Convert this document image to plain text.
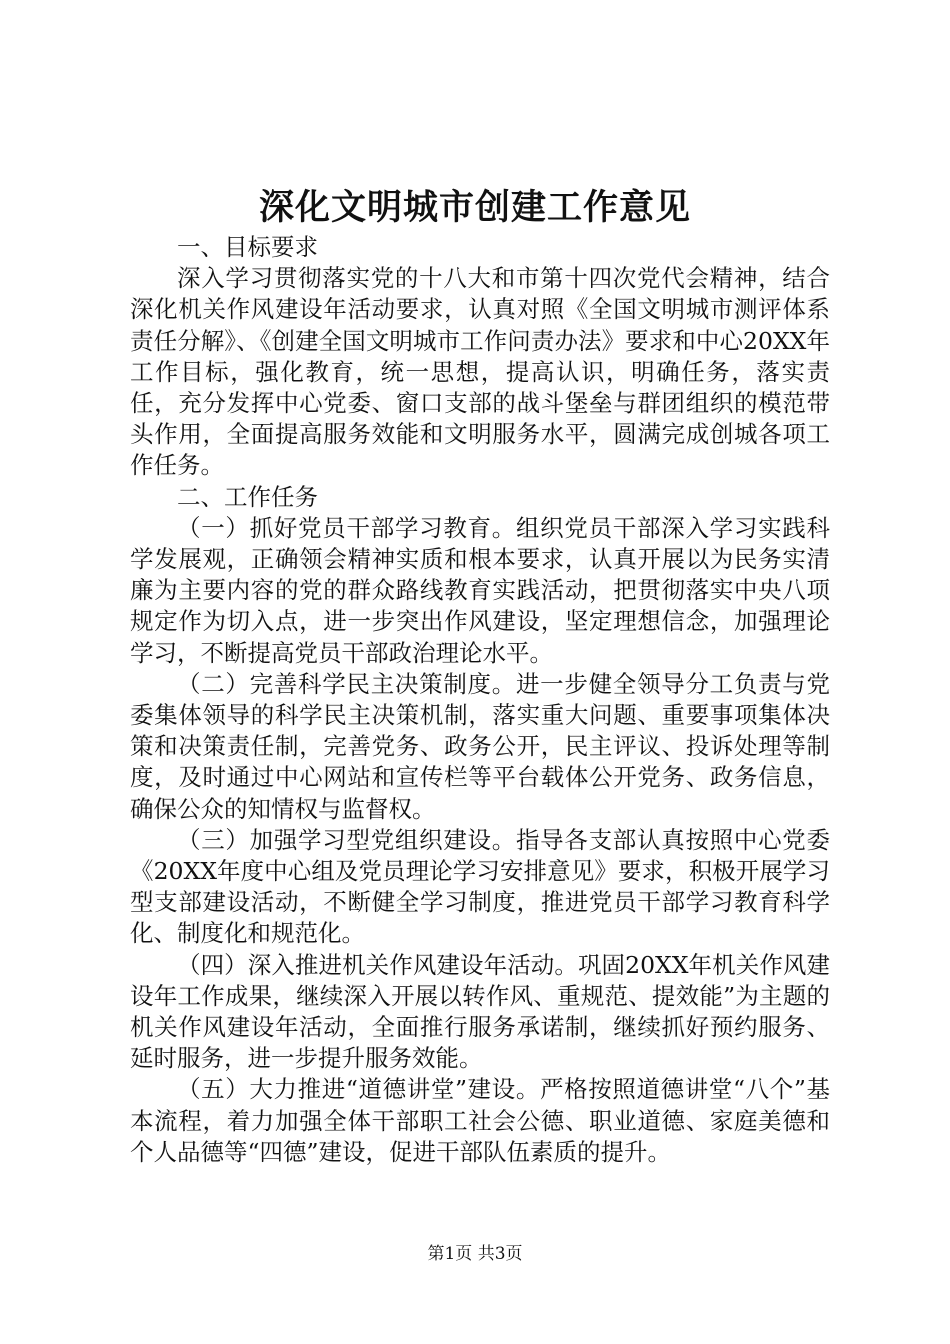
深化文明城市创建工作意见

一、目标要求

深入学习贯彻落实党的十八大和市第十四次党代会精神，结合深化机关作风建设年活动要求，认真对照《全国文明城市测评体系责任分解》、《创建全国文明城市工作问责办法》要求和中心20XX年工作目标，强化教育，统一思想，提高认识，明确任务，落实责任，充分发挥中心党委、窗口支部的战斗堡垒与群团组织的模范带头作用，全面提高服务效能和文明服务水平，圆满完成创城各项工作任务。

二、工作任务

（一）抓好党员干部学习教育。组织党员干部深入学习实践科学发展观，正确领会精神实质和根本要求，认真开展以为民务实清廉为主要内容的党的群众路线教育实践活动，把贯彻落实中央八项规定作为切入点，进一步突出作风建设，坚定理想信念，加强理论学习，不断提高党员干部政治理论水平。

（二）完善科学民主决策制度。进一步健全领导分工负责与党委集体领导的科学民主决策机制，落实重大问题、重要事项集体决策和决策责任制，完善党务、政务公开，民主评议、投诉处理等制度，及时通过中心网站和宣传栏等平台载体公开党务、政务信息，确保公众的知情权与监督权。

（三）加强学习型党组织建设。指导各支部认真按照中心党委《20XX年度中心组及党员理论学习安排意见》要求，积极开展学习型支部建设活动，不断健全学习制度，推进党员干部学习教育科学化、制度化和规范化。

（四）深入推进机关作风建设年活动。巩固20XX年机关作风建设年工作成果，继续深入开展以转作风、重规范、提效能”为主题的机关作风建设年活动，全面推行服务承诺制，继续抓好预约服务、延时服务，进一步提升服务效能。

（五）大力推进“道德讲堂”建设。严格按照道德讲堂“八个”基本流程，着力加强全体干部职工社会公德、职业道德、家庭美德和个人品德等“四德”建设，促进干部队伍素质的提升。

第1页 共3页
